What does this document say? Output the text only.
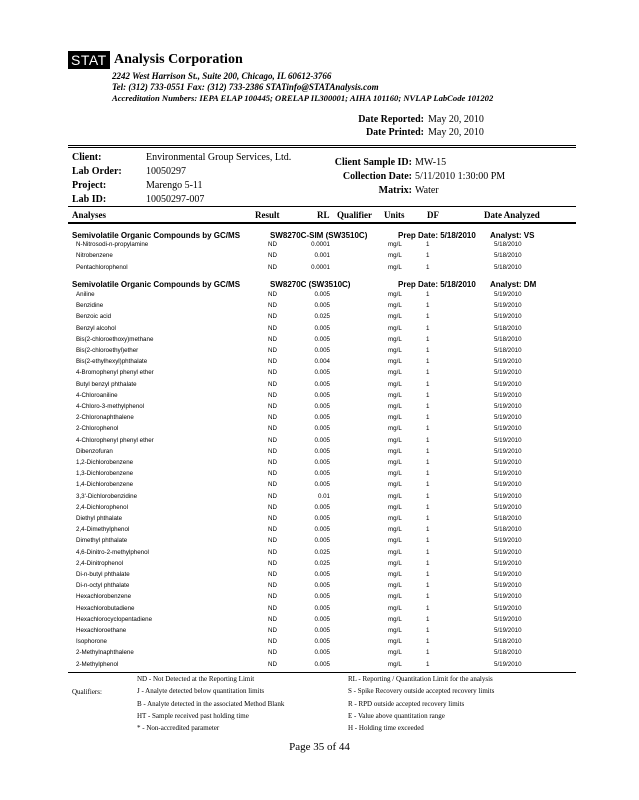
STAT Analysis Corporation
2242 West Harrison St., Suite 200, Chicago, IL 60612-3766
Tel: (312) 733-0551 Fax: (312) 733-2386 STATinfo@STATAnalysis.com
Accreditation Numbers: IEPA ELAP 100445; ORELAP IL300001; AIHA 101160; NVLAP LabCode 101202
Date Reported: May 20, 2010
Date Printed: May 20, 2010
Client:	Environmental Group Services, Ltd.
Lab Order: 10050297
Project:	Marengo 5-11
Lab ID:	10050297-007
Client Sample ID: MW-15
Collection Date: 5/11/2010 1:30:00 PM
Matrix: Water
Analyses	Result	RL Qualifier Units DF	Date Analyzed
Semivolatile Organic Compounds by GC/MS	SW8270C-SIM (SW3510C)	Prep Date: 5/18/2010 Analyst: VS
N-Nitrosodi-n-propylamine	ND	0.0001	mg/L	1	5/18/2010
Nitrobenzene	ND	0.001	mg/L	1	5/18/2010
Pentachlorophenol	ND	0.0001	mg/L	1	5/18/2010
Semivolatile Organic Compounds by GC/MS	SW8270C (SW3510C)	Prep Date: 5/18/2010 Analyst: DM
Aniline	ND	0.005	mg/L	1	5/19/2010
Benzidine	ND	0.005	mg/L	1	5/19/2010
Benzoic acid	ND	0.025	mg/L	1	5/19/2010
Benzyl alcohol	ND	0.005	mg/L	1	5/18/2010
Bis(2-chloroethoxy)methane	ND	0.005	mg/L	1	5/18/2010
Bis(2-chloroethyl)ether	ND	0.005	mg/L	1	5/18/2010
Bis(2-ethylhexyl)phthalate	ND	0.004	mg/L	1	5/19/2010
4-Bromophenyl phenyl ether	ND	0.005	mg/L	1	5/19/2010
Butyl benzyl phthalate	ND	0.005	mg/L	1	5/19/2010
4-Chloroaniline	ND	0.005	mg/L	1	5/19/2010
4-Chloro-3-methylphenol	ND	0.005	mg/L	1	5/19/2010
2-Chloronaphthalene	ND	0.005	mg/L	1	5/19/2010
2-Chlorophenol	ND	0.005	mg/L	1	5/19/2010
4-Chlorophenyl phenyl ether	ND	0.005	mg/L	1	5/19/2010
Dibenzofuran	ND	0.005	mg/L	1	5/19/2010
1,2-Dichlorobenzene	ND	0.005	mg/L	1	5/19/2010
1,3-Dichlorobenzene	ND	0.005	mg/L	1	5/19/2010
1,4-Dichlorobenzene	ND	0.005	mg/L	1	5/19/2010
3,3'-Dichlorobenzidine	ND	0.01	mg/L	1	5/19/2010
2,4-Dichlorophenol	ND	0.005	mg/L	1	5/19/2010
Diethyl phthalate	ND	0.005	mg/L	1	5/18/2010
2,4-Dimethylphenol	ND	0.005	mg/L	1	5/18/2010
Dimethyl phthalate	ND	0.005	mg/L	1	5/19/2010
4,6-Dinitro-2-methylphenol	ND	0.025	mg/L	1	5/19/2010
2,4-Dinitrophenol	ND	0.025	mg/L	1	5/19/2010
Di-n-butyl phthalate	ND	0.005	mg/L	1	5/19/2010
Di-n-octyl phthalate	ND	0.005	mg/L	1	5/19/2010
Hexachlorobenzene	ND	0.005	mg/L	1	5/19/2010
Hexachlorobutadiene	ND	0.005	mg/L	1	5/19/2010
Hexachlorocyclopentadiene	ND	0.005	mg/L	1	5/19/2010
Hexachloroethane	ND	0.005	mg/L	1	5/19/2010
Isophorone	ND	0.005	mg/L	1	5/18/2010
2-Methylnaphthalene	ND	0.005	mg/L	1	5/18/2010
2-Methylphenol	ND	0.005	mg/L	1	5/19/2010
Qualifiers:
ND - Not Detected at the Reporting Limit
J - Analyte detected below quantitation limits
B - Analyte detected in the associated Method Blank
HT - Sample received past holding time
* - Non-accredited parameter
RL - Reporting / Quantitation Limit for the analysis
S - Spike Recovery outside accepted recovery limits
R - RPD outside accepted recovery limits
E - Value above quantitation range
H - Holding time exceeded
Page 35 of 44
